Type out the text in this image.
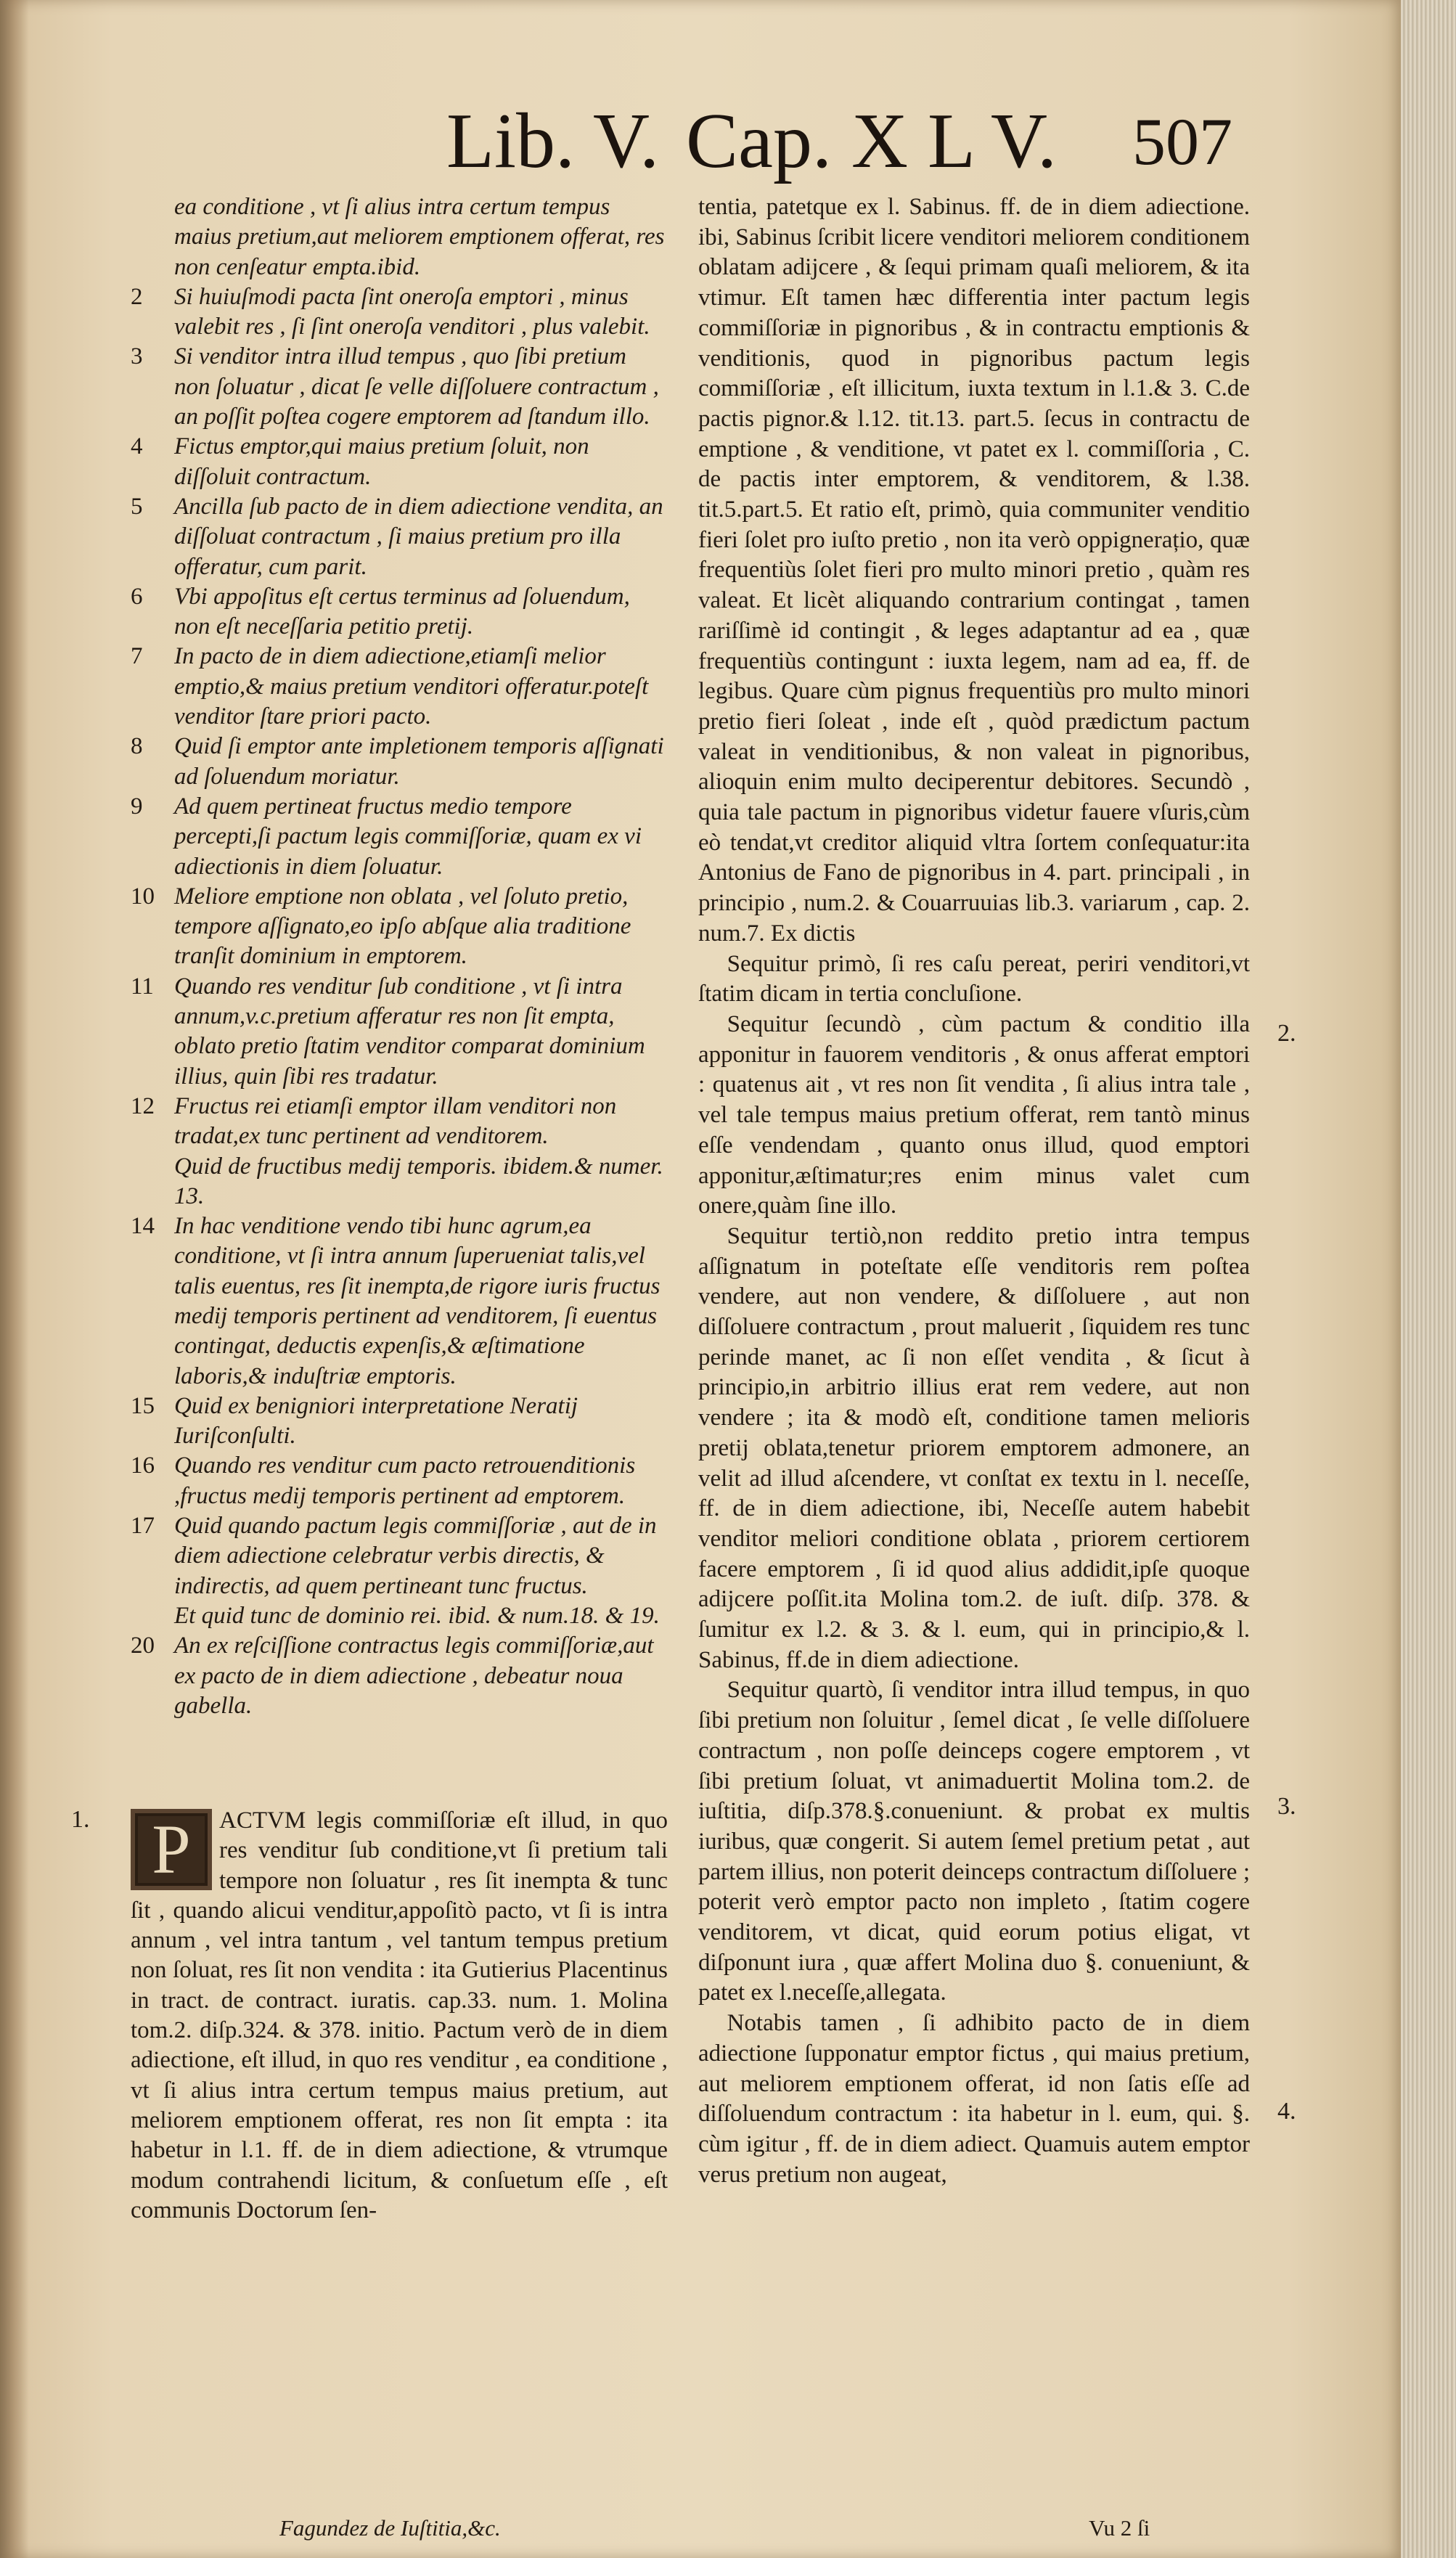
Lib. V. Cap. X L V. 507
ea conditione , vt ſi alius intra certum tempus maius pretium,aut meliorem emptionem offerat, res non cenſeatur empta.ibid.
2	Si huiuſmodi pacta ſint oneroſa emptori , minus valebit res , ſi ſint oneroſa venditori , plus valebit.
3	Si venditor intra illud tempus , quo ſibi pretium non ſoluatur , dicat ſe velle diſſoluere contractum , an poſſit poſtea cogere emptorem ad ſtandum illo.
4	Fictus emptor,qui maius pretium ſoluit, non diſſoluit contractum.
5	Ancilla ſub pacto de in diem adiectione vendita, an diſſoluat contractum , ſi maius pretium pro illa offeratur, cum parit.
6	Vbi appoſitus eſt certus terminus ad ſoluendum, non eſt neceſſaria petitio pretij.
7	In pacto de in diem adiectione,etiamſi melior emptio,& maius pretium venditori offeratur.poteſt venditor ſtare priori pacto.
8	Quid ſi emptor ante impletionem temporis aſſignati ad ſoluendum moriatur.
9	Ad quem pertineat fructus medio tempore percepti,ſi pactum legis commiſſoriæ, quam ex vi adiectionis in diem ſoluatur.
10 Meliore emptione non oblata , vel ſoluto pretio, tempore aſſignato,eo ipſo abſque alia traditione tranſit dominium in emptorem.
11 Quando res venditur ſub conditione , vt ſi intra annum,v.c.pretium afferatur res non ſit empta, oblato pretio ſtatim venditor comparat dominium illius, quin ſibi res tradatur.
12 Fructus rei etiamſi emptor illam venditori non tradat,ex tunc pertinent ad venditorem.
Quid de fructibus medij temporis. ibidem.& numer. 13.
14 In hac venditione vendo tibi hunc agrum,ea conditione, vt ſi intra annum ſuperueniat talis,vel talis euentus, res ſit inempta,de rigore iuris fructus medij temporis pertinent ad venditorem, ſi euentus contingat, deductis expenſis,& æſtimatione laboris,& induſtriæ emptoris.
15 Quid ex benigniori interpretatione Neratij Iuriſconſulti.
16 Quando res venditur cum pacto retrouenditionis ,fructus medij temporis pertinent ad emptorem.
17 Quid quando pactum legis commiſſoriæ , aut de in diem adiectione celebratur verbis directis, & indirectis, ad quem pertineant tunc fructus.
Et quid tunc de dominio rei. ibid. & num.18. & 19.
20 An ex reſciſſione contractus legis commiſſoriæ,aut ex pacto de in diem adiectione , debeatur noua gabella.
P	ACTVM legis commiſſoriæ eſt illud, in quo res venditur ſub conditione,vt ſi pretium tali tempore non ſoluatur , res ſit inempta & tunc ſit , quando alicui venditur,appoſitò pacto, vt ſi is intra annum , vel intra tantum , vel tantum tempus pretium non ſoluat, res ſit non vendita : ita Gutierius Placentinus in tract. de contract. iuratis. cap.33. num. 1. Molina tom.2. diſp.324. & 378. initio. Pactum verò de in diem adiectione, eſt illud, in quo res venditur , ea conditione , vt ſi alius intra certum tempus maius pretium, aut meliorem emptionem offerat, res non ſit empta : ita habetur in l.1. ff. de in diem adiectione, & vtrumque modum contrahendi licitum, & conſuetum eſſe , eſt communis Doctorum ſen-
1.

tentia, patetque ex l. Sabinus. ff. de in diem adiectione. ibi, Sabinus ſcribit licere venditori meliorem conditionem oblatam adijcere , & ſequi primam quaſi meliorem, & ita vtimur. Eſt tamen hæc differentia inter pactum legis commiſſoriæ in pignoribus , & in contractu emptionis & venditionis, quod in pignoribus pactum legis commiſſoriæ , eſt illicitum, iuxta textum in l.1.& 3. C.de pactis pignor.& l.12. tit.13. part.5. ſecus in contractu de emptione , & venditione, vt patet ex l. commiſſoria , C. de pactis inter emptorem, & venditorem, & l.38. tit.5.part.5. Et ratio eſt, primò, quia communiter venditio fieri ſolet pro iuſto pretio , non ita verò oppignerațio, quæ frequentiùs ſolet fieri pro multo minori pretio , quàm res valeat. Et licèt aliquando contrarium contingat , tamen rariſſimè id contingit , & leges adaptantur ad ea , quæ frequentiùs contingunt : iuxta legem, nam ad ea, ff. de legibus. Quare cùm pignus frequentiùs pro multo minori pretio fieri ſoleat , inde eſt , quòd prædictum pactum valeat in venditionibus, & non valeat in pignoribus, alioquin enim multo deciperentur debitores. Secundò , quia tale pactum in pignoribus videtur fauere vſuris,cùm eò tendat,vt creditor aliquid vltra ſortem conſequatur:ita Antonius de Fano de pignoribus in 4. part. principali , in principio , num.2. & Couarruuias lib.3. variarum , cap. 2. num.7. Ex dictis

Sequitur primò, ſi res caſu pereat, periri venditori,vt ſtatim dicam in tertia concluſione.

Sequitur ſecundò , cùm pactum & conditio illa apponitur in fauorem venditoris , & onus afferat emptori : quatenus ait , vt res non ſit vendita , ſi alius intra tale , vel tale tempus maius pretium offerat, rem tantò minus eſſe vendendam , quanto onus illud, quod emptori apponitur,æſtimatur;res enim minus valet cum onere,quàm ſine illo.

Sequitur tertiò,non reddito pretio intra tempus aſſignatum in poteſtate eſſe venditoris rem poſtea vendere, aut non vendere, & diſſoluere , aut non diſſoluere contractum , prout maluerit , ſiquidem res tunc perinde manet, ac ſi non eſſet vendita , & ſicut à principio,in arbitrio illius erat rem vedere, aut non vendere ; ita & modò eſt, conditione tamen melioris pretij oblata,tenetur priorem emptorem admonere, an velit ad illud aſcendere, vt conſtat ex textu in l. neceſſe, ff. de in diem adiectione, ibi, Neceſſe autem habebit venditor meliori conditione oblata , priorem certiorem facere emptorem , ſi id quod alius addidit,ipſe quoque adijcere poſſit.ita Molina tom.2. de iuſt. diſp. 378. & ſumitur ex l.2. & 3. & l. eum, qui in principio,& l. Sabinus, ff.de in diem adiectione.

Sequitur quartò, ſi venditor intra illud tempus, in quo ſibi pretium non ſoluitur , ſemel dicat , ſe velle diſſoluere contractum , non poſſe deinceps cogere emptorem , vt ſibi pretium ſoluat, vt animaduertit Molina tom.2. de iuſtitia, diſp.378.§.conueniunt. & probat ex multis iuribus, quæ congerit. Si autem ſemel pretium petat , aut partem illius, non poterit deinceps contractum diſſoluere ; poterit verò emptor pacto non impleto , ſtatim cogere venditorem, vt dicat, quid eorum potius eligat, vt diſponunt iura , quæ affert Molina duo §. conueniunt, & patet ex l.neceſſe,allegata.

Notabis tamen , ſi adhibito pacto de in diem adiectione ſupponatur emptor fictus , qui maius pretium, aut meliorem emptionem offerat, id non ſatis eſſe ad diſſoluendum contractum : ita habetur in l. eum, qui. §. cùm igitur , ff. de in diem adiect. Quamuis autem emptor verus pretium non augeat,

2.
3.
4.
Fagundez de Iuſtitia,&c.	Vu 2 ſi
